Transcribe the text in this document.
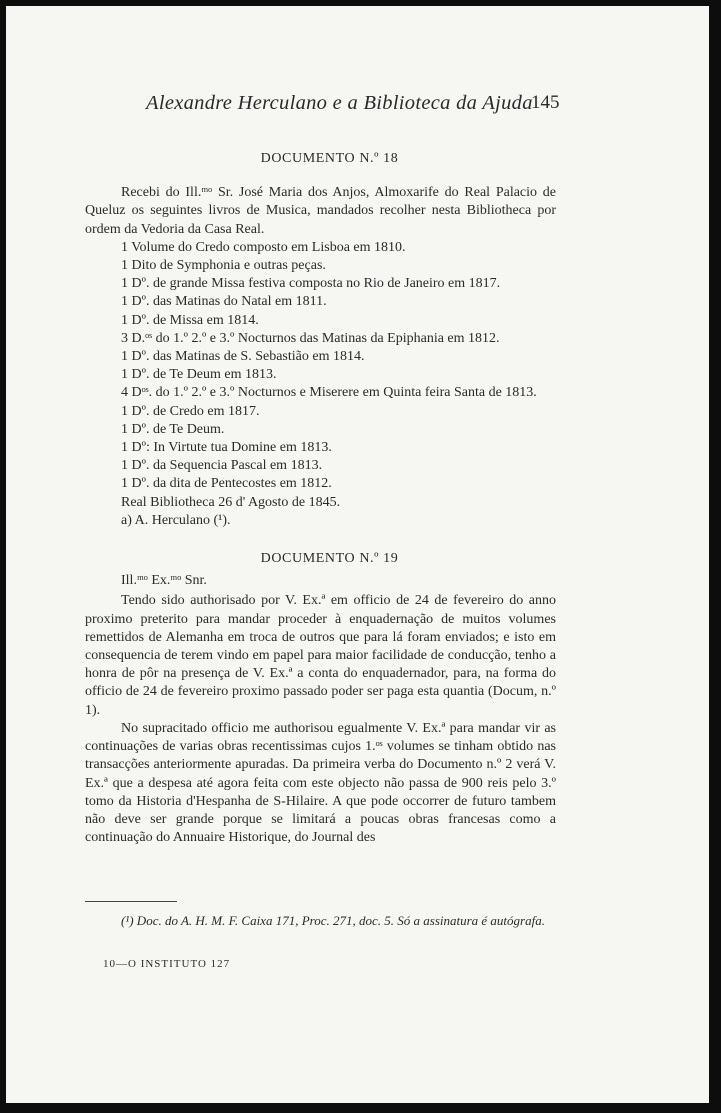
Alexandre Herculano e a Biblioteca da Ajuda
145
DOCUMENTO N.º 18

Recebi do Ill.ᵐᵒ Sr. José Maria dos Anjos, Almoxarife do Real Palacio de Queluz os seguintes livros de Musica, mandados recolher nesta Bibliotheca por ordem da Vedoria da Casa Real.

1 Volume do Credo composto em Lisboa em 1810.
1 Dito de Symphonia e outras peças.
1 Dº. de grande Missa festiva composta no Rio de Janeiro em 1817.
1 Dº. das Matinas do Natal em 1811.
1 Dº. de Missa em 1814.
3 D.ᵒˢ do 1.º 2.º e 3.º Nocturnos das Matinas da Epiphania em 1812.
1 Dº. das Matinas de S. Sebastião em 1814.
1 Dº. de Te Deum em 1813.
4 Dᵒˢ. do 1.º 2.º e 3.º Nocturnos e Miserere em Quinta feira Santa de 1813.
1 Dº. de Credo em 1817.
1 Dº. de Te Deum.
1 Dº: In Virtute tua Domine em 1813.
1 Dº. da Sequencia Pascal em 1813.
1 Dº. da dita de Pentecostes em 1812.
Real Bibliotheca 26 d' Agosto de 1845.
a) A. Herculano (¹).
DOCUMENTO N.º 19
Ill.ᵐᵒ Ex.ᵐᵒ Snr.

Tendo sido authorisado por V. Ex.ª em officio de 24 de fevereiro do anno proximo preterito para mandar proceder à enquadernação de muitos volumes remettidos de Alemanha em troca de outros que para lá foram enviados; e isto em consequencia de terem vindo em papel para maior facilidade de conducção, tenho a honra de pôr na presença de V. Ex.ª a conta do enquadernador, para, na forma do officio de 24 de fevereiro proximo passado poder ser paga esta quantia (Docum, n.º 1).

No supracitado officio me authorisou egualmente V. Ex.ª para mandar vir as continuações de varias obras recentissimas cujos 1.ᵒˢ volumes se tinham obtido nas transacções anteriormente apuradas. Da primeira verba do Documento n.º 2 verá V. Ex.ª que a despesa até agora feita com este objecto não passa de 900 reis pelo 3.º tomo da Historia d'Hespanha de S-Hilaire. A que pode occorrer de futuro tambem não deve ser grande porque se limitará a poucas obras francesas como a continuação do Annuaire Historique, do Journal des

(¹) Doc. do A. H. M. F. Caixa 171, Proc. 271, doc. 5. Só a assinatura é autógrafa.
10—O INSTITUTO 127
